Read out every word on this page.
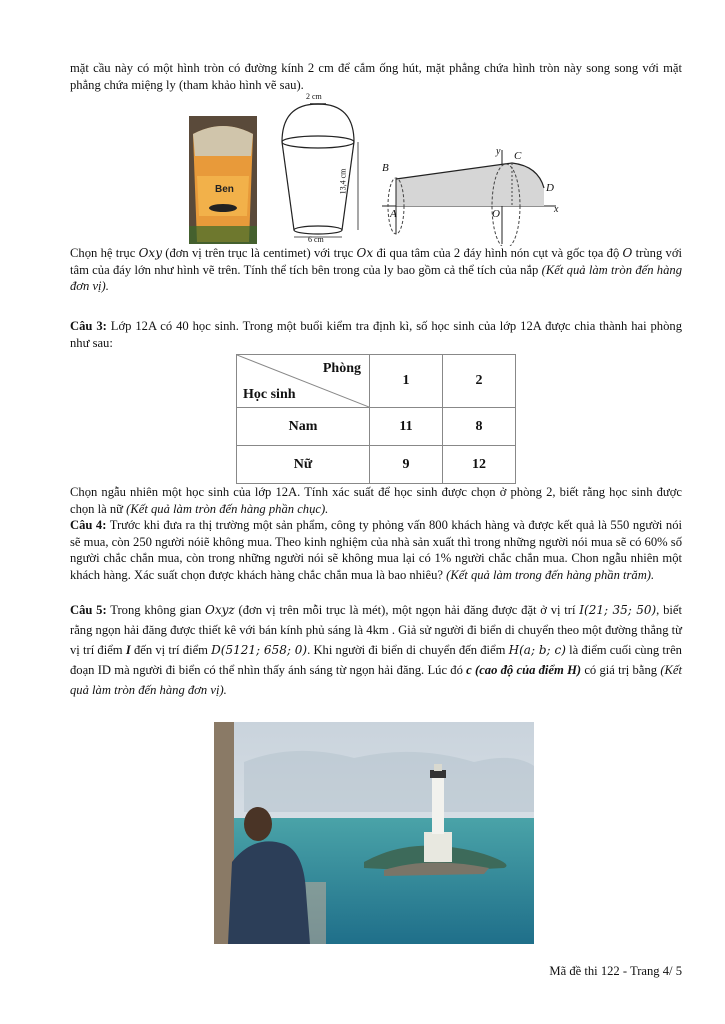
mặt cầu này có một hình tròn có đường kính 2 cm để cắm ống hút, mặt phẳng chứa hình tròn này song song với mặt phẳng chứa miệng ly (tham khảo hình vẽ sau).
Ben
2 cm
13,4 cm
6 cm
B
C
D
A	O	x
y
Chọn hệ trục Oxy (đơn vị trên trục là centimet) với trục Ox đi qua tâm của 2 đáy hình nón cụt và gốc tọa độ O trùng với tâm của đáy lớn như hình vẽ trên. Tính thể tích bên trong của ly bao gồm cả thể tích của nắp (Kết quả làm tròn đến hàng đơn vị).
Câu 3: Lớp 12A có 40 học sinh. Trong một buổi kiểm tra định kì, số học sinh của lớp 12A được chia thành hai phòng như sau:
Phòng
Học sinh	1	2
Nam	11	8
Nữ	9	12
Chọn ngẫu nhiên một học sinh của lớp 12A. Tính xác suất để học sinh được chọn ở phòng 2, biết rằng học sinh được chọn là nữ (Kết quả làm tròn đến hàng phần chục).
Câu 4: Trước khi đưa ra thị trường một sản phẩm, công ty phỏng vấn 800 khách hàng và được kết quả là 550 người nói sẽ mua, còn 250 người nóiẽ không mua. Theo kinh nghiệm của nhà sản xuất thì trong những người nói mua sẽ có 60% số người chắc chắn mua, còn trong những người nói sẽ không mua lại có 1% người chắc chắn mua. Chon ngẫu nhiên một khách hàng. Xác suất chọn được khách hàng chắc chắn mua là bao nhiêu? (Kết quả làm trong đến hàng phần trăm).
Câu 5: Trong không gian Oxyz (đơn vị trên mỗi trục là mét), một ngọn hải đăng được đặt ở vị trí I(21; 35; 50), biết rằng ngọn hải đăng được thiết kê với bán kính phủ sáng là 4km . Giả sử người đi biển di chuyển theo một đường thẳng từ vị trí điểm I đến vị trí điểm D(5121; 658; 0). Khi người đi biển di chuyển đến điểm H(a; b; c) là điểm cuối cùng trên đoạn ID mà người đi biển có thể nhìn thấy ánh sáng từ ngọn hải đăng. Lúc đó c (cao độ của điểm H) có giá trị bằng (Kết quả làm tròn đến hàng đơn vị).
Mã đề thi 122 - Trang 4/ 5
